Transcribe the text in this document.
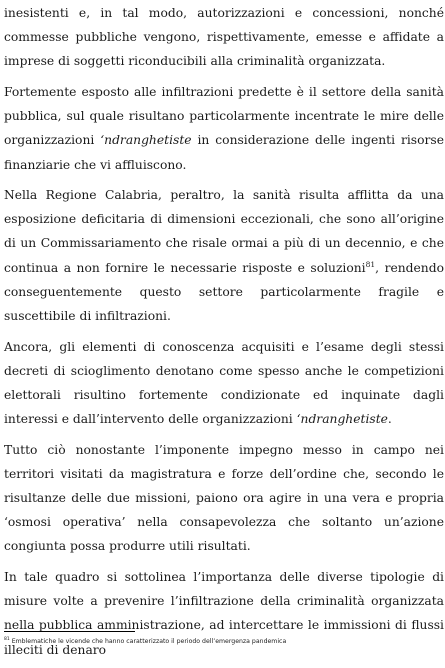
inesistenti e, in tal modo, autorizzazioni e concessioni, nonché commesse pubbliche vengono, rispettivamente, emesse e affidate a imprese di soggetti riconducibili alla criminalità organizzata.

Fortemente esposto alle infiltrazioni predette è il settore della sanità pubblica, sul quale risultano particolarmente incentrate le mire delle organizzazioni ‘ndranghetiste in considerazione delle ingenti risorse finanziarie che vi affluiscono.

Nella Regione Calabria, peraltro, la sanità risulta afflitta da una esposizione deficitaria di dimensioni eccezionali, che sono all’origine di un Commissariamento che risale ormai a più di un decennio, e che continua a non fornire le necessarie risposte e soluzioni$^{81}$, rendendo conseguentemente questo settore particolarmente fragile e suscettibile di infiltrazioni.

Ancora, gli elementi di conoscenza acquisiti e l’esame degli stessi decreti di scioglimento denotano come spesso anche le competizioni elettorali risultino fortemente condizionate ed inquinate dagli interessi e dall’intervento delle organizzazioni ‘ndranghetiste.

Tutto ciò nonostante l’imponente impegno messo in campo nei territori visitati da magistratura e forze dell’ordine che, secondo le risultanze delle due missioni, paiono ora agire in una vera e propria ‘osmosi operativa’ nella consapevolezza che soltanto un’azione congiunta possa produrre utili risultati.

In tale quadro si sottolinea l’importanza delle diverse tipologie di misure volte a prevenire l’infiltrazione della criminalità organizzata nella pubblica amministrazione, ad intercettare le immissioni di flussi illeciti di denaro

$^{81}$ Emblematiche le vicende che hanno caratterizzato il periodo dell’emergenza pandemica
